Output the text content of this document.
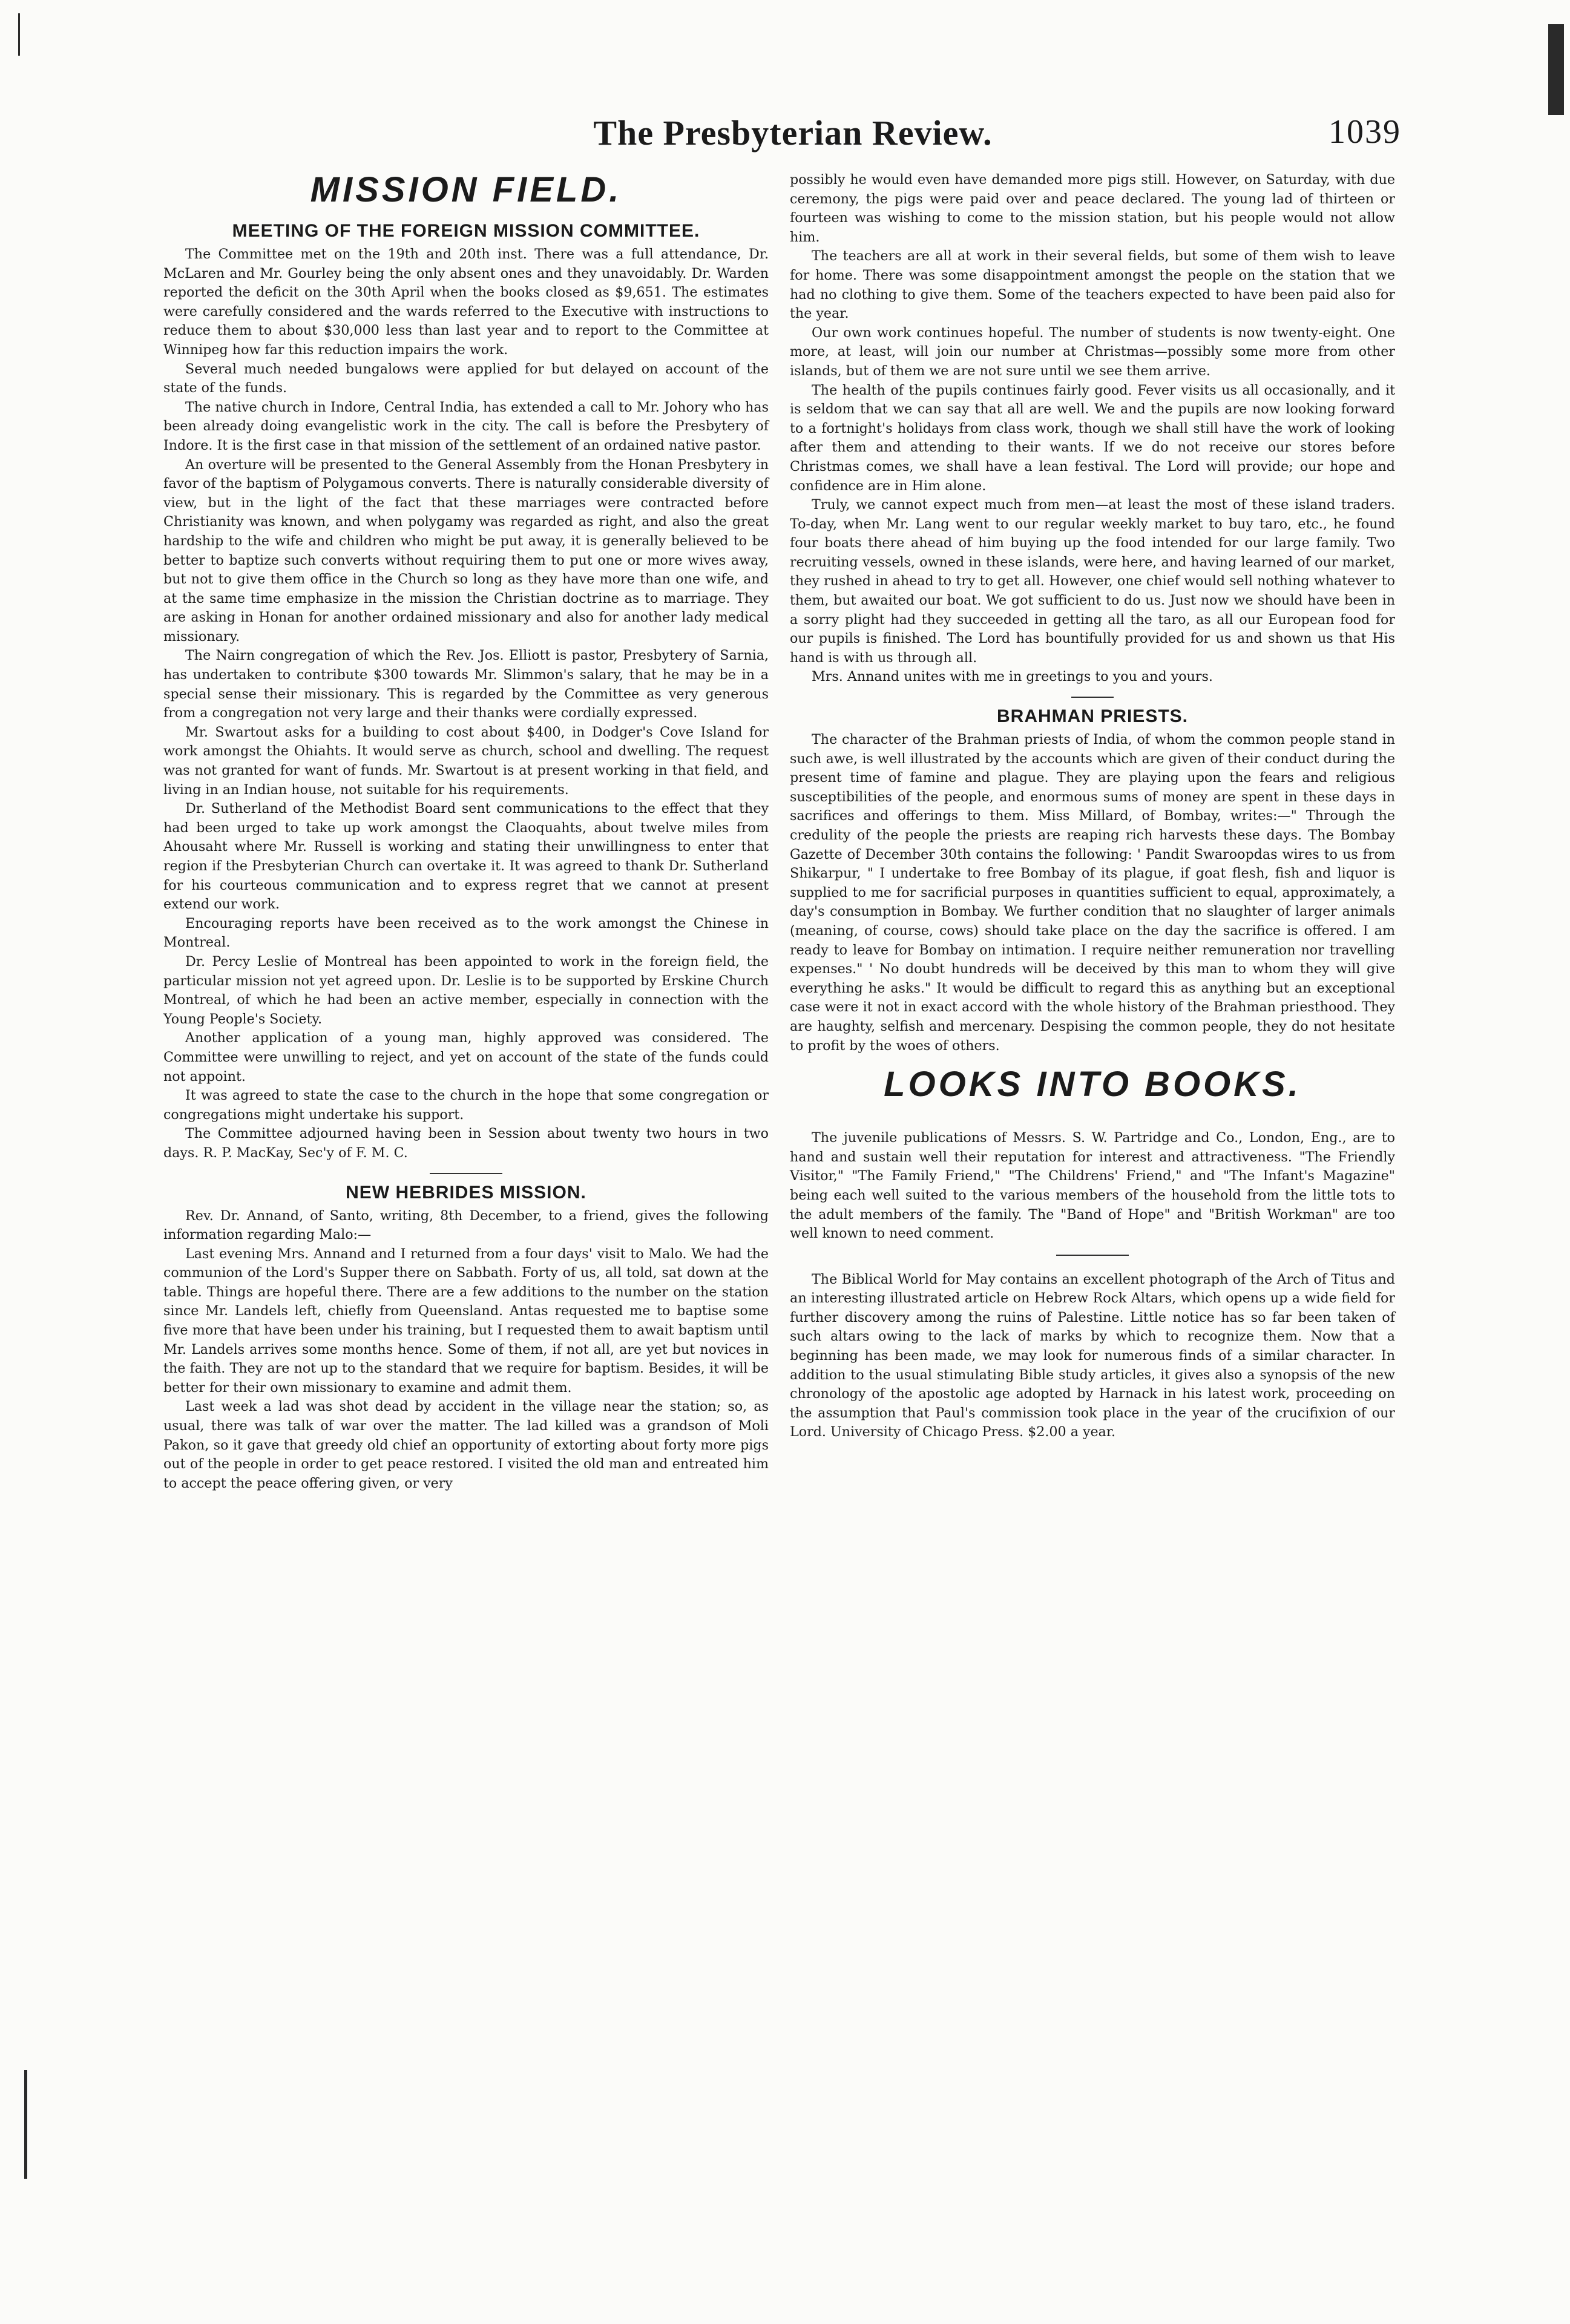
The Presbyterian Review.	1039
MISSION FIELD.
MEETING OF THE FOREIGN MISSION COMMITTEE.

The Committee met on the 19th and 20th inst. There was a full attendance, Dr. McLaren and Mr. Gourley being the only absent ones and they unavoidably. Dr. Warden reported the deficit on the 30th April when the books closed as $9,651. The estimates were carefully considered and the wards referred to the Executive with instructions to reduce them to about $30,000 less than last year and to report to the Committee at Winnipeg how far this reduction impairs the work.

Several much needed bungalows were applied for but delayed on account of the state of the funds.

The native church in Indore, Central India, has extended a call to Mr. Johory who has been already doing evangelistic work in the city. The call is before the Presbytery of Indore. It is the first case in that mission of the settlement of an ordained native pastor.

An overture will be presented to the General Assembly from the Honan Presbytery in favor of the baptism of Polygamous converts. There is naturally considerable diversity of view, but in the light of the fact that these marriages were contracted before Christianity was known, and when polygamy was regarded as right, and also the great hardship to the wife and children who might be put away, it is generally believed to be better to baptize such converts without requiring them to put one or more wives away, but not to give them office in the Church so long as they have more than one wife, and at the same time emphasize in the mission the Christian doctrine as to marriage. They are asking in Honan for another ordained missionary and also for another lady medical missionary.

The Nairn congregation of which the Rev. Jos. Elliott is pastor, Presbytery of Sarnia, has undertaken to contribute $300 towards Mr. Slimmon's salary, that he may be in a special sense their missionary. This is regarded by the Committee as very generous from a congregation not very large and their thanks were cordially expressed.

Mr. Swartout asks for a building to cost about $400, in Dodger's Cove Island for work amongst the Ohiahts. It would serve as church, school and dwelling. The request was not granted for want of funds. Mr. Swartout is at present working in that field, and living in an Indian house, not suitable for his requirements.

Dr. Sutherland of the Methodist Board sent communications to the effect that they had been urged to take up work amongst the Claoquahts, about twelve miles from Ahousaht where Mr. Russell is working and stating their unwillingness to enter that region if the Presbyterian Church can overtake it. It was agreed to thank Dr. Sutherland for his courteous communication and to express regret that we cannot at present extend our work.

Encouraging reports have been received as to the work amongst the Chinese in Montreal.

Dr. Percy Leslie of Montreal has been appointed to work in the foreign field, the particular mission not yet agreed upon. Dr. Leslie is to be supported by Erskine Church Montreal, of which he had been an active member, especially in connection with the Young People's Society.

Another application of a young man, highly approved was considered. The Committee were unwilling to reject, and yet on account of the state of the funds could not appoint.

It was agreed to state the case to the church in the hope that some congregation or congregations might undertake his support.

The Committee adjourned having been in Session about twenty two hours in two days. R. P. MacKay, Sec'y of F. M. C.

NEW HEBRIDES MISSION.

Rev. Dr. Annand, of Santo, writing, 8th December, to a friend, gives the following information regarding Malo:—

Last evening Mrs. Annand and I returned from a four days' visit to Malo. We had the communion of the Lord's Supper there on Sabbath. Forty of us, all told, sat down at the table. Things are hopeful there. There are a few additions to the number on the station since Mr. Landels left, chiefly from Queensland. Antas requested me to baptise some five more that have been under his training, but I requested them to await baptism until Mr. Landels arrives some months hence. Some of them, if not all, are yet but novices in the faith. They are not up to the standard that we require for baptism. Besides, it will be better for their own missionary to examine and admit them.

Last week a lad was shot dead by accident in the village near the station; so, as usual, there was talk of war over the matter. The lad killed was a grandson of Moli Pakon, so it gave that greedy old chief an opportunity of extorting about forty more pigs out of the people in order to get peace restored. I visited the old man and entreated him to accept the peace offering given, or very

possibly he would even have demanded more pigs still. However, on Saturday, with due ceremony, the pigs were paid over and peace declared. The young lad of thirteen or fourteen was wishing to come to the mission station, but his people would not allow him.

The teachers are all at work in their several fields, but some of them wish to leave for home. There was some disappointment amongst the people on the station that we had no clothing to give them. Some of the teachers expected to have been paid also for the year.

Our own work continues hopeful. The number of students is now twenty-eight. One more, at least, will join our number at Christmas—possibly some more from other islands, but of them we are not sure until we see them arrive.

The health of the pupils continues fairly good. Fever visits us all occasionally, and it is seldom that we can say that all are well. We and the pupils are now looking forward to a fortnight's holidays from class work, though we shall still have the work of looking after them and attending to their wants. If we do not receive our stores before Christmas comes, we shall have a lean festival. The Lord will provide; our hope and confidence are in Him alone.

Truly, we cannot expect much from men—at least the most of these island traders. To-day, when Mr. Lang went to our regular weekly market to buy taro, etc., he found four boats there ahead of him buying up the food intended for our large family. Two recruiting vessels, owned in these islands, were here, and having learned of our market, they rushed in ahead to try to get all. However, one chief would sell nothing whatever to them, but awaited our boat. We got sufficient to do us. Just now we should have been in a sorry plight had they succeeded in getting all the taro, as all our European food for our pupils is finished. The Lord has bountifully provided for us and shown us that His hand is with us through all.

Mrs. Annand unites with me in greetings to you and yours.

BRAHMAN PRIESTS.

The character of the Brahman priests of India, of whom the common people stand in such awe, is well illustrated by the accounts which are given of their conduct during the present time of famine and plague. They are playing upon the fears and religious susceptibilities of the people, and enormous sums of money are spent in these days in sacrifices and offerings to them. Miss Millard, of Bombay, writes:—" Through the credulity of the people the priests are reaping rich harvests these days. The Bombay Gazette of December 30th contains the following: ' Pandit Swaroopdas wires to us from Shikarpur, " I undertake to free Bombay of its plague, if goat flesh, fish and liquor is supplied to me for sacrificial purposes in quantities sufficient to equal, approximately, a day's consumption in Bombay. We further condition that no slaughter of larger animals (meaning, of course, cows) should take place on the day the sacrifice is offered. I am ready to leave for Bombay on intimation. I require neither remuneration nor travelling expenses." ' No doubt hundreds will be deceived by this man to whom they will give everything he asks." It would be difficult to regard this as anything but an exceptional case were it not in exact accord with the whole history of the Brahman priesthood. They are haughty, selfish and mercenary. Despising the common people, they do not hesitate to profit by the woes of others.

LOOKS INTO BOOKS.

The juvenile publications of Messrs. S. W. Partridge and Co., London, Eng., are to hand and sustain well their reputation for interest and attractiveness. "The Friendly Visitor," "The Family Friend," "The Childrens' Friend," and "The Infant's Magazine" being each well suited to the various members of the household from the little tots to the adult members of the family. The "Band of Hope" and "British Workman" are too well known to need comment.

The Biblical World for May contains an excellent photograph of the Arch of Titus and an interesting illustrated article on Hebrew Rock Altars, which opens up a wide field for further discovery among the ruins of Palestine. Little notice has so far been taken of such altars owing to the lack of marks by which to recognize them. Now that a beginning has been made, we may look for numerous finds of a similar character. In addition to the usual stimulating Bible study articles, it gives also a synopsis of the new chronology of the apostolic age adopted by Harnack in his latest work, proceeding on the assumption that Paul's commission took place in the year of the crucifixion of our Lord. University of Chicago Press. $2.00 a year.
